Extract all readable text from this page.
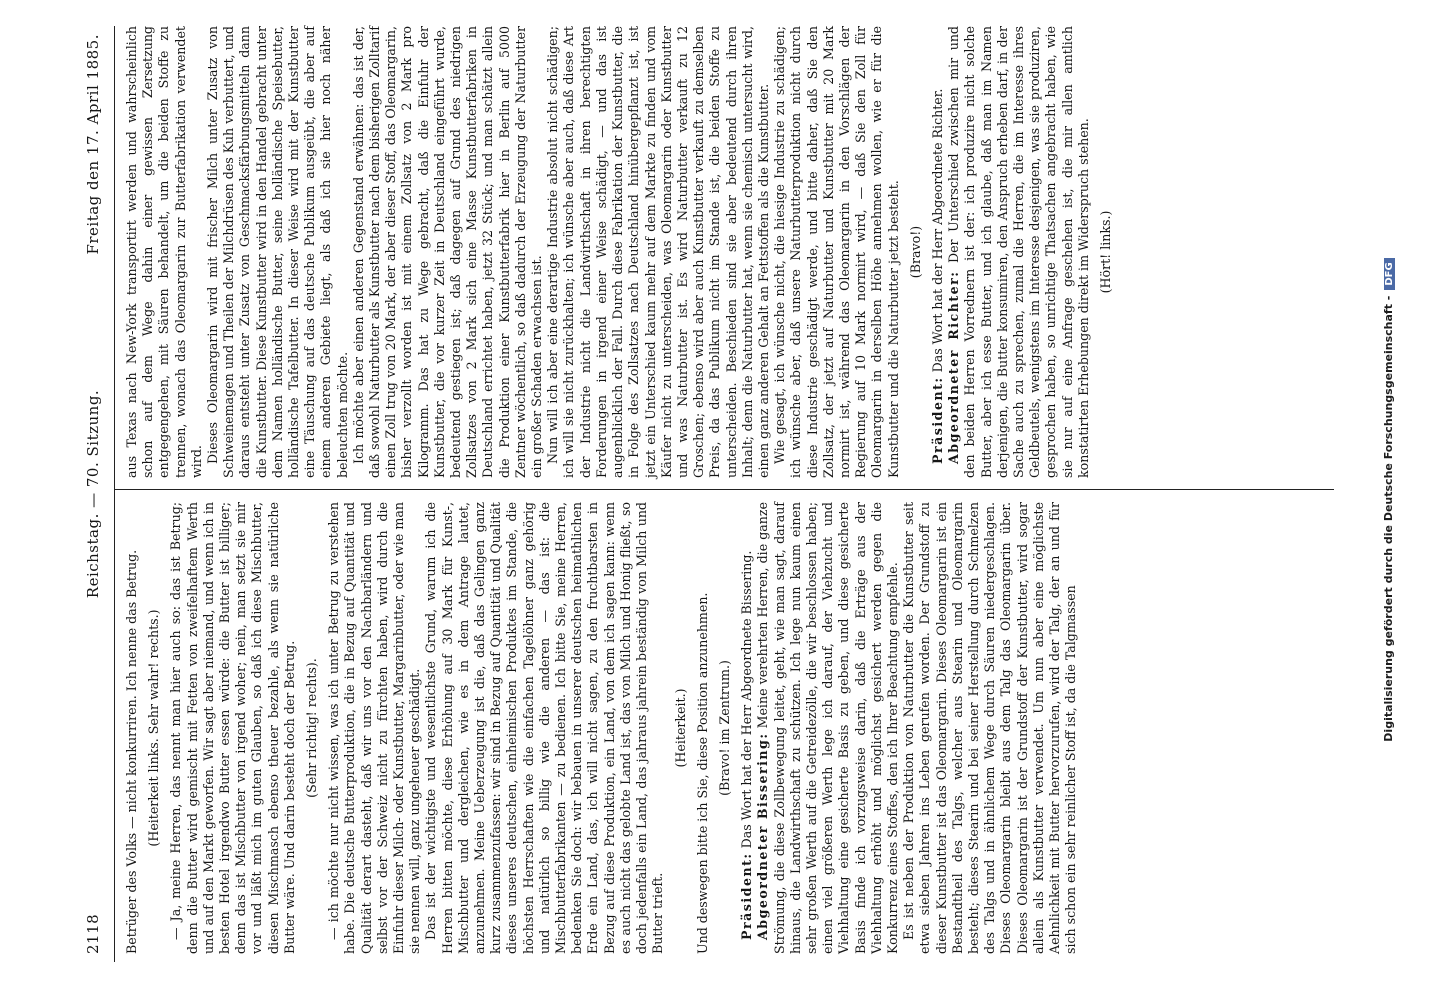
2118
Reichstag. — 70. Sitzung.
Freitag den 17. April 1885.

Betrüger des Volks — nicht konkurriren. Ich nenne das Betrug. (Heiterkeit links. Sehr wahr! rechts.) — Ja, meine Herren, das nennt man hier auch so: das ist Betrug; denn die Butter wird gemischt mit Fetten von zweifelhaftem Werth und auf den Markt geworfen. Wir sagt aber niemand, und wenn ich in besten Hotel irgendwo Butter essen würde: die Butter ist billiger; denn das ist Mischbutter von irgend woher; nein, man setzt sie mir vor und läßt mich im guten Glauben, so daß ich diese Mischbutter, diesen Mischmasch ebenso theuer bezahle, als wenn sie natürliche Butter wäre. Und darin besteht doch der Betrug. (Sehr richtig! rechts). — ich möchte nur nicht wissen, was ich unter Betrug zu verstehen habe. Die deutsche Butterproduktion, die in Bezug auf Quantität und Qualität derart dasteht, daß wir uns vor den Nachbarländern und selbst vor der Schweiz nicht zu fürchten haben, wird durch die Einfuhr dieser Milch- oder Kunstbutter, Margarinbutter, oder wie man sie nennen will, ganz ungeheuer geschädigt. Das ist der wichtigste und wesentlichste Grund, warum ich die Herren bitten möchte, diese Erhöhung auf 30 Mark für Kunst-, Mischbutter und dergleichen, wie es in dem Antrage lautet, anzunehmen. Meine Ueberzeugung ist die, daß das Gelingen ganz kurz zusammenzufassen: wir sind in Bezug auf Quantität und Qualität dieses unseres deutschen, einheimischen Produktes im Stande, die höchsten Herrschaften wie die einfachen Tagelöhner ganz gehörig und natürlich so billig wie die anderen — das ist: die Mischbutterfabrikanten — zu bedienen. Ich bitte Sie, meine Herren, bedenken Sie doch: wir bebauen in unserer deutschen heimathlichen Erde ein Land, das, ich will nicht sagen, zu den fruchtbarsten in Bezug auf diese Produktion, ein Land, von dem ich sagen kann: wenn es auch nicht das gelobte Land ist, das von Milch und Honig fließt, so doch jedenfalls ein Land, das jahraus jahrein beständig von Milch und Butter trieft.

(Heiterkeit.) Und deswegen bitte ich Sie, diese Position anzunehmen. (Bravo! im Zentrum.)

Präsident: Das Wort hat der Herr Abgeordnete Bissering. Abgeordneter Bissering: Meine verehrten Herren, die ganze Strömung, die diese Zollbewegung leitet, geht, wie man sagt, darauf hinaus, die Landwirthschaft zu schützen. Ich lege nun kaum einen sehr großen Werth auf die Getreidezölle, die wir beschlossen haben; einen viel größeren Werth lege ich darauf, der Viehzucht und Viehhaltung eine gesicherte Basis zu geben, und diese gesicherte Basis finde ich vorzugsweise darin, daß die Erträge aus der Viehhaltung erhöht und möglichst gesichert werden gegen die Konkurrenz eines Stoffes, den ich Ihrer Beachtung empfehle. Es ist neben der Produktion von Naturbutter die Kunstbutter seit etwa sieben Jahren ins Leben gerufen worden. Der Grundstoff zu dieser Kunstbutter ist das Oleomargarin. Dieses Oleomargarin ist ein Bestandtheil des Talgs, welcher aus Stearin und Oleomargarin besteht; dieses Stearin und bei seiner Herstellung durch Schmelzen des Talgs und in ähnlichem Wege durch Säuren niedergeschlagen. Dieses Oleomargarin bleibt aus dem Talg das Oleomargarin über. Dieses Oleomargarin ist der Grundstoff der Kunstbutter, wird sogar allein als Kunstbutter verwendet. Um nun aber eine möglichste Aehnlichkeit mit Butter hervorzurufen, wird der Talg, der an und für sich schon ein sehr reinlicher Stoff ist, da die Talgmassen

aus Texas nach New-York transportirt werden und wahrscheinlich schon auf dem Wege dahin einer gewissen Zersetzung entgegengehen, mit Säuren behandelt, um die beiden Stoffe zu trennen, wonach das Oleomargarin zur Butterfabrikation verwendet wird. Dieses Oleomargarin wird mit frischer Milch unter Zusatz von Schweinemagen und Theilen der Milchdrüsen des Kuh verbuttert, und daraus entsteht unter Zusatz von Geschmacksfärbungsmitteln dann die Kunstbutter. Diese Kunstbutter wird in den Handel gebracht unter dem Namen holländische Butter, seine holländische Speisebutter, holländische Tafelbutter. In dieser Weise wird mit der Kunstbutter eine Täuschung auf das deutsche Publikum ausgeübt, die aber auf einem anderen Gebiete liegt, als daß ich sie hier noch näher beleuchten möchte. Ich möchte aber einen anderen Gegenstand erwähnen: das ist der, daß sowohl Naturbutter als Kunstbutter nach dem bisherigen Zolltarif einen Zoll trug von 20 Mark, der aber dieser Stoff, das Oleomargarin, bisher verzollt worden ist mit einem Zollsatz von 2 Mark pro Kilogramm. Das hat zu Wege gebracht, daß die Einfuhr der Kunstbutter, die vor kurzer Zeit in Deutschland eingeführt wurde, bedeutend gestiegen ist; daß dagegen auf Grund des niedrigen Zollsatzes von 2 Mark sich eine Masse Kunstbutterfabriken in Deutschland errichtet haben, jetzt 32 Stück; und man schätzt allein die Produktion einer Kunstbutterfabrik hier in Berlin auf 5000 Zentner wöchentlich, so daß dadurch der Erzeugung der Naturbutter ein großer Schaden erwachsen ist. Nun will ich aber eine derartige Industrie absolut nicht schädigen; ich will sie nicht zurückhalten; ich wünsche aber auch, daß diese Art der Industrie nicht die Landwirthschaft in ihren berechtigten Forderungen in irgend einer Weise schädigt, — und das ist augenblicklich der Fall. Durch diese Fabrikation der Kunstbutter, die in Folge des Zollsatzes nach Deutschland hinübergepflanzt ist, ist jetzt ein Unterschied kaum mehr auf dem Markte zu finden und vom Käufer nicht zu unterscheiden, was Oleomargarin oder Kunstbutter und was Naturbutter ist. Es wird Naturbutter verkauft zu 12 Groschen; ebenso wird aber auch Kunstbutter verkauft zu demselben Preis, da das Publikum nicht im Stande ist, die beiden Stoffe zu unterscheiden. Beschieden sind sie aber bedeutend durch ihren Inhalt; denn die Naturbutter hat, wenn sie chemisch untersucht wird, einen ganz anderen Gehalt an Fettstoffen als die Kunstbutter. Wie gesagt, ich wünsche nicht, die hiesige Industrie zu schädigen; ich wünsche aber, daß unsere Naturbutterproduktion nicht durch diese Industrie geschädigt werde, und bitte daher, daß Sie den Zollsatz, der jetzt auf Naturbutter und Kunstbutter mit 20 Mark normirt ist, während das Oleomargarin in den Vorschlägen der Regierung auf 10 Mark normirt wird, — daß Sie den Zoll für Oleomargarin in derselben Höhe annehmen wollen, wie er für die Kunstbutter und die Naturbutter jetzt besteht. (Bravo!)

Präsident: Das Wort hat der Herr Abgeordnete Richter. Abgeordneter Richter: Der Unterschied zwischen mir und den beiden Herren Vorrednern ist der: ich produzire nicht solche Butter, aber ich esse Butter, und ich glaube, daß man im Namen derjenigen, die Butter konsumiren, den Anspruch erheben darf, in der Sache auch zu sprechen, zumal die Herren, die im Interesse ihres Geldbeutels, wenigstens im Interesse desjenigen, was sie produziren, gesprochen haben, so unrichtige Thatsachen angebracht haben, wie sie nur auf eine Anfrage geschehen ist, die mir allen amtlich konstatirten Erhebungen direkt im Widerspruch stehen. (Hört! links.)

Digitalisierung gefördert durch die Deutsche Forschungsgemeinschaft -DFG
